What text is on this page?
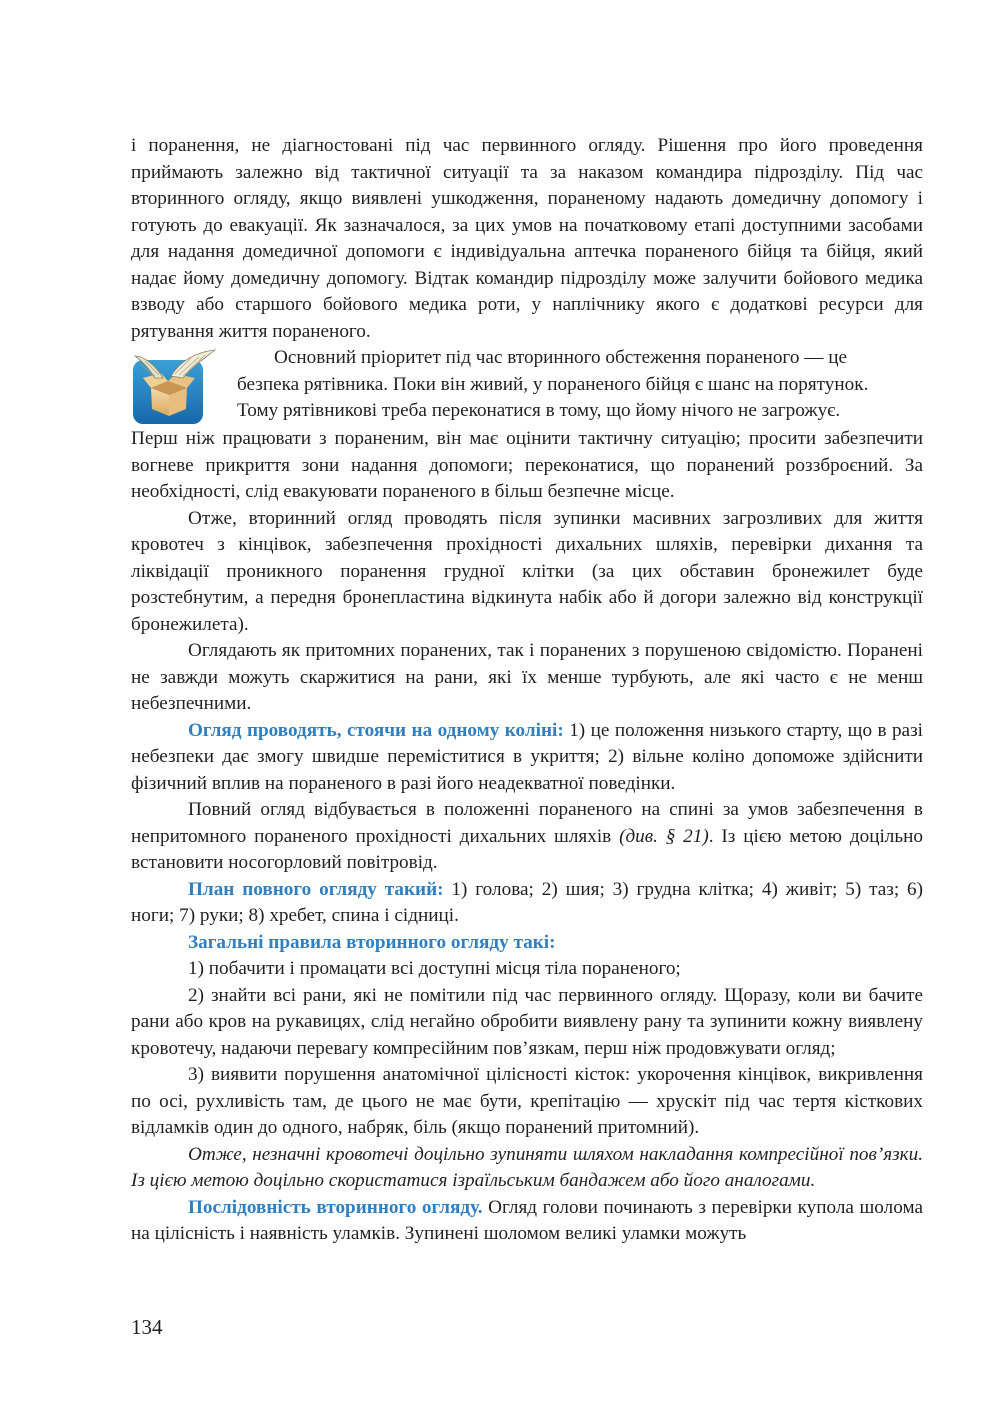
і поранення, не діагностовані під час первинного огляду. Рішення про його проведення приймають залежно від тактичної ситуації та за наказом командира підрозділу. Під час вторинного огляду, якщо виявлені ушкодження, пораненому надають домедичну допомогу і готують до евакуації. Як зазначалося, за цих умов на початковому етапі доступними засобами для надання домедичної допомоги є індивідуальна аптечка пораненого бійця та бійця, який надає йому домедичну допомогу. Відтак командир підрозділу може залучити бойового медика взводу або старшого бойового медика роти, у наплічнику якого є додаткові ресурси для рятування життя пораненого.

Основний пріоритет під час вторинного обстеження пораненого — це

безпека рятівника. Поки він живий, у пораненого бійця є шанс на порятунок.

Тому рятівникові треба переконатися в тому, що йому нічого не загрожує.

Перш ніж працювати з пораненим, він має оцінити тактичну ситуацію; просити забезпечити вогневе прикриття зони надання допомоги; переконатися, що поранений роззброєний. За необхідності, слід евакуювати пораненого в більш безпечне місце.

Отже, вторинний огляд проводять після зупинки масивних загрозливих для життя кровотеч з кінцівок, забезпечення прохідності дихальних шляхів, перевірки дихання та ліквідації проникного поранення грудної клітки (за цих обставин бронежилет буде розстебнутим, а передня бронепластина відкинута набік або й догори залежно від конструкції бронежилета).

Оглядають як притомних поранених, так і поранених з порушеною свідомістю. Поранені не завжди можуть скаржитися на рани, які їх менше турбують, але які часто є не менш небезпечними.

Огляд проводять, стоячи на одному коліні: 1) це положення низького старту, що в разі небезпеки дає змогу швидше переміститися в укриття; 2) вільне коліно допоможе здійснити фізичний вплив на пораненого в разі його неадекватної поведінки.

Повний огляд відбувається в положенні пораненого на спині за умов забезпечення в непритомного пораненого прохідності дихальних шляхів (див. § 21). Із цією метою доцільно встановити носогорловий повітровід.

План повного огляду такий: 1) голова; 2) шия; 3) грудна клітка; 4) живіт; 5) таз; 6) ноги; 7) руки; 8) хребет, спина і сідниці.

Загальні правила вторинного огляду такі:

1) побачити і промацати всі доступні місця тіла пораненого;

2) знайти всі рани, які не помітили під час первинного огляду. Щоразу, коли ви бачите рани або кров на рукавицях, слід негайно обробити виявлену рану та зупинити кожну виявлену кровотечу, надаючи перевагу компресійним пов’язкам, перш ніж продовжувати огляд;

3) виявити порушення анатомічної цілісності кісток: укорочення кінцівок, викривлення по осі, рухливість там, де цього не має бути, крепітацію — хрускіт під час тертя кісткових відламків один до одного, набряк, біль (якщо поранений притомний).

Отже, незначні кровотечі доцільно зупиняти шляхом накладання компресійної пов’язки. Із цією метою доцільно скористатися ізраїльським бандажем або його аналогами.

Послідовність вторинного огляду. Огляд голови починають з перевірки купола шолома на цілісність і наявність уламків. Зупинені шоломом великі уламки можуть

134
